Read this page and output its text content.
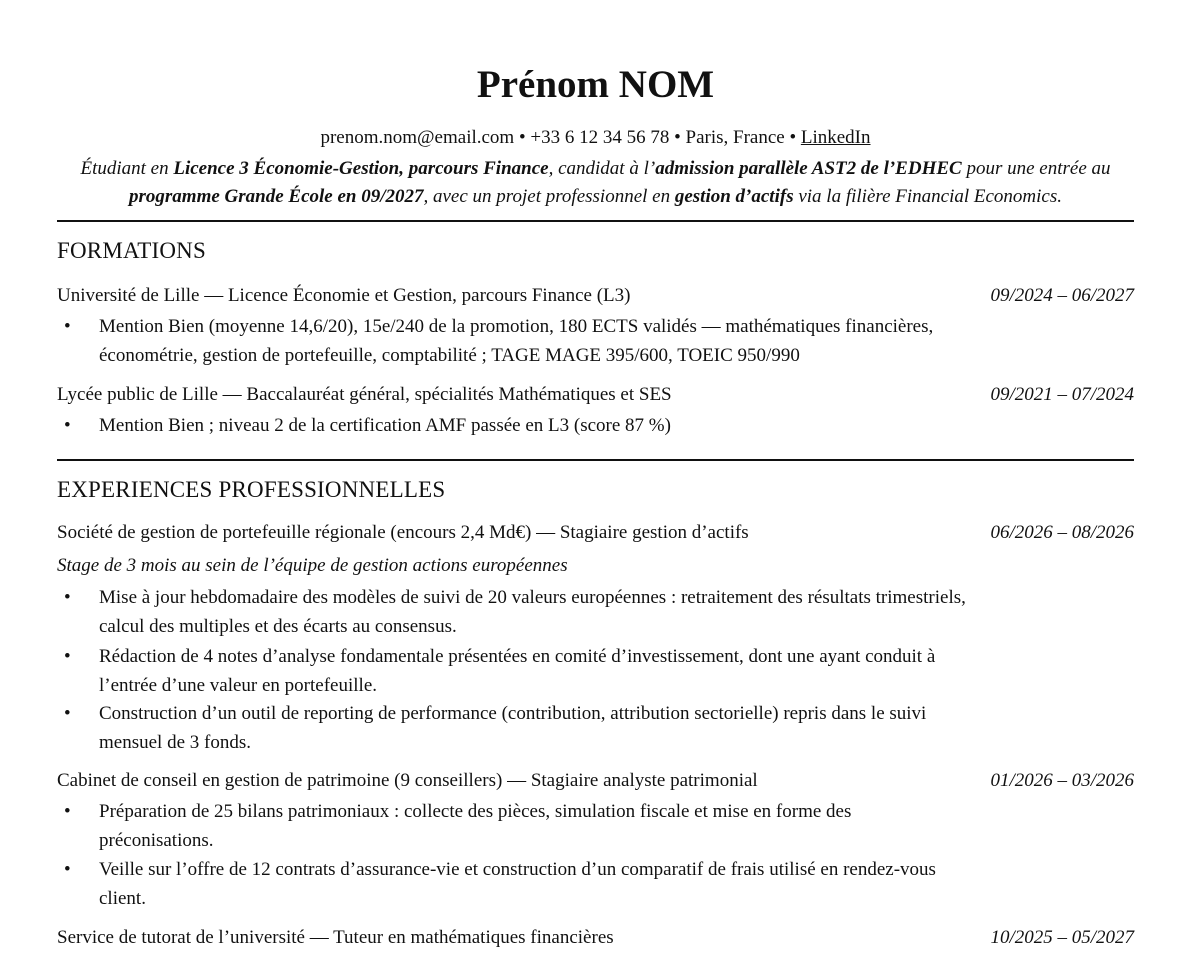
Prénom NOM
prenom.nom@email.com • +33 6 12 34 56 78 • Paris, France • LinkedIn
Étudiant en Licence 3 Économie-Gestion, parcours Finance, candidat à l’admission parallèle AST2 de l’EDHEC pour une entrée au programme Grande École en 09/2027, avec un projet professionnel en gestion d’actifs via la filière Financial Economics.
FORMATIONS
Université de Lille — Licence Économie et Gestion, parcours Finance (L3)	09/2024 – 06/2027
• Mention Bien (moyenne 14,6/20), 15e/240 de la promotion, 180 ECTS validés — mathématiques financières, économétrie, gestion de portefeuille, comptabilité ; TAGE MAGE 395/600, TOEIC 950/990
Lycée public de Lille — Baccalauréat général, spécialités Mathématiques et SES	09/2021 – 07/2024
• Mention Bien ; niveau 2 de la certification AMF passée en L3 (score 87 %)
EXPERIENCES PROFESSIONNELLES
Société de gestion de portefeuille régionale (encours 2,4 Md€) — Stagiaire gestion d’actifs	06/2026 – 08/2026
Stage de 3 mois au sein de l’équipe de gestion actions européennes
• Mise à jour hebdomadaire des modèles de suivi de 20 valeurs européennes : retraitement des résultats trimestriels, calcul des multiples et des écarts au consensus.
• Rédaction de 4 notes d’analyse fondamentale présentées en comité d’investissement, dont une ayant conduit à l’entrée d’une valeur en portefeuille.
• Construction d’un outil de reporting de performance (contribution, attribution sectorielle) repris dans le suivi mensuel de 3 fonds.
Cabinet de conseil en gestion de patrimoine (9 conseillers) — Stagiaire analyste patrimonial	01/2026 – 03/2026
• Préparation de 25 bilans patrimoniaux : collecte des pièces, simulation fiscale et mise en forme des préconisations.
• Veille sur l’offre de 12 contrats d’assurance-vie et construction d’un comparatif de frais utilisé en rendez-vous client.
Service de tutorat de l’université — Tuteur en mathématiques financières	10/2025 – 05/2027
